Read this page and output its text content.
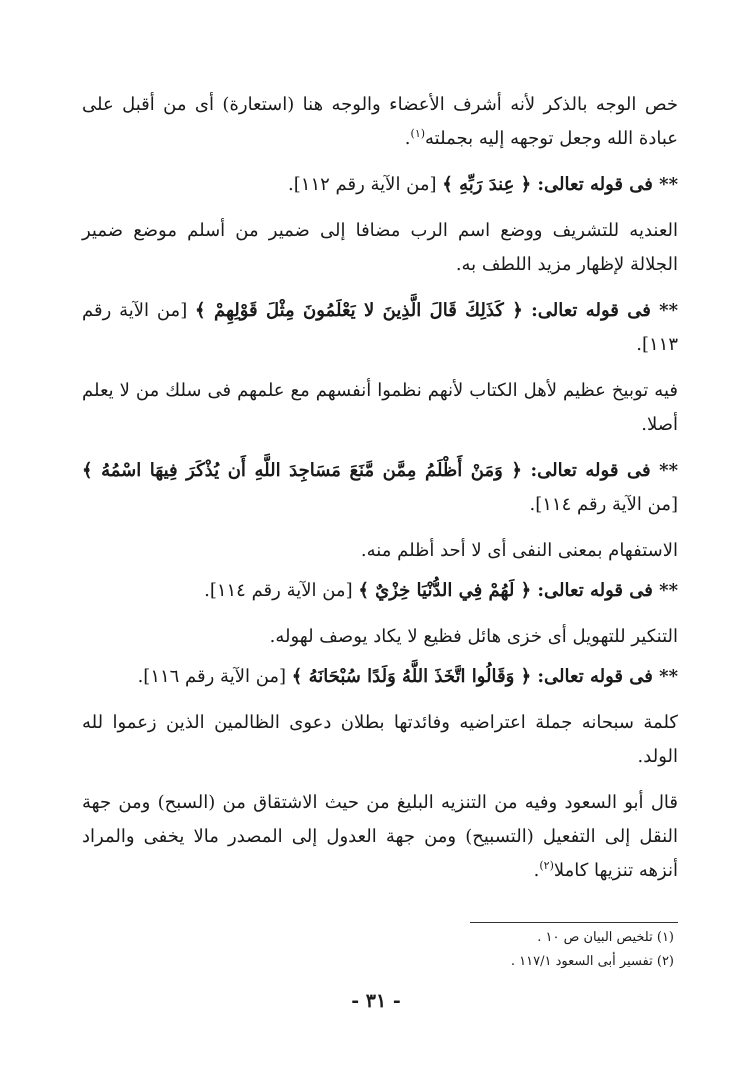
خص الوجه بالذكر لأنه أشرف الأعضاء والوجه هنا (استعارة) أى من أقبل على عبادة الله وجعل توجهه إليه بجملته$^{(١)}$.

** فى قوله تعالى: ﴿ عِندَ رَبِّهِ ﴾ [من الآية رقم ١١٢].

العنديه للتشريف ووضع اسم الرب مضافا إلى ضمير من أسلم موضع ضمير الجلالة لإظهار مزيد اللطف به.

** فى قوله تعالى: ﴿ كَذَلِكَ قَالَ الَّذِينَ لا يَعْلَمُونَ مِثْلَ قَوْلِهِمْ ﴾ [من الآية رقم ١١٣].

فيه توبيخ عظيم لأهل الكتاب لأنهم نظموا أنفسهم مع علمهم فى سلك من لا يعلم أصلا.

** فى قوله تعالى: ﴿ وَمَنْ أَظْلَمُ مِمَّن مَّنَعَ مَسَاجِدَ اللَّهِ أَن يُذْكَرَ فِيهَا اسْمُهُ ﴾ [من الآية رقم ١١٤].

الاستفهام بمعنى النفى أى لا أحد أظلم منه.

** فى قوله تعالى: ﴿ لَهُمْ فِي الدُّنْيَا خِزْيٌ ﴾ [من الآية رقم ١١٤].

التنكير للتهويل أى خزى هائل فظيع لا يكاد يوصف لهوله.

** فى قوله تعالى: ﴿ وَقَالُوا اتَّخَذَ اللَّهُ وَلَدًا سُبْحَانَهُ ﴾ [من الآية رقم ١١٦].

كلمة سبحانه جملة اعتراضيه وفائدتها بطلان دعوى الظالمين الذين زعموا لله الولد.

قال أبو السعود وفيه من التنزيه البليغ من حيث الاشتقاق من (السبح) ومن جهة النقل إلى التفعيل (التسبيح) ومن جهة العدول إلى المصدر مالا يخفى والمراد أنزهه تنزيها كاملا$^{(٢)}$.

(١) تلخيص البيان ص ١٠ .

(٢) تفسير أبى السعود ١١٧/١ .

- ٣١ -
